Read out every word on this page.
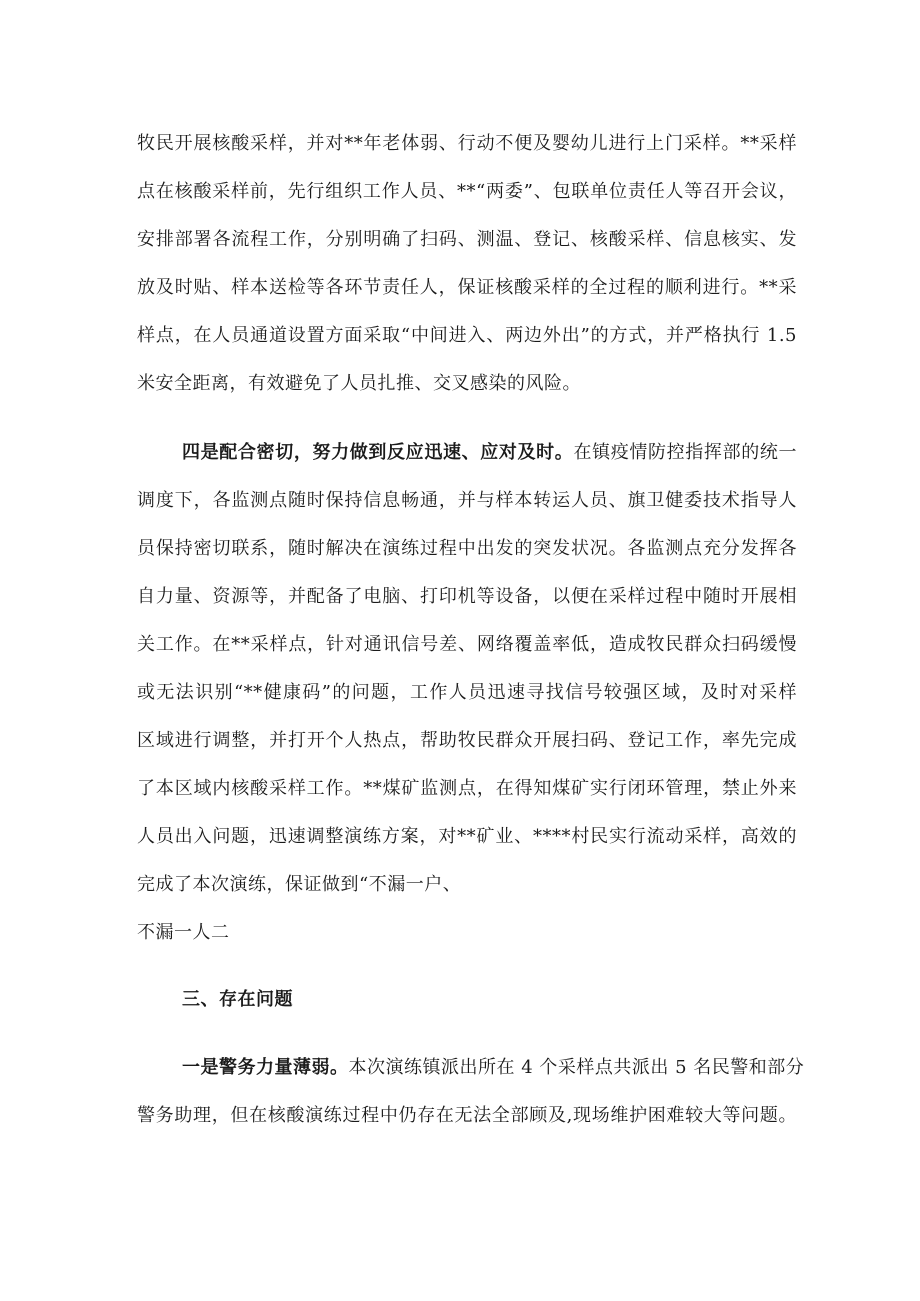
牧民开展核酸采样，并对**年老体弱、行动不便及婴幼儿进行上门采样。**采样
点在核酸采样前，先行组织工作人员、**“两委”、包联单位责任人等召开会议，
安排部署各流程工作，分别明确了扫码、测温、登记、核酸采样、信息核实、发
放及时贴、样本送检等各环节责任人，保证核酸采样的全过程的顺利进行。**采
样点，在人员通道设置方面采取“中间进入、两边外出”的方式，并严格执行 1.5
米安全距离，有效避免了人员扎推、交叉感染的风险。
四是配合密切，努力做到反应迅速、应对及时。在镇疫情防控指挥部的统一
调度下，各监测点随时保持信息畅通，并与样本转运人员、旗卫健委技术指导人
员保持密切联系，随时解决在演练过程中出发的突发状况。各监测点充分发挥各
自力量、资源等，并配备了电脑、打印机等设备，以便在采样过程中随时开展相
关工作。在**采样点，针对通讯信号差、网络覆盖率低，造成牧民群众扫码缓慢
或无法识别“**健康码”的问题，工作人员迅速寻找信号较强区域，及时对采样
区域进行调整，并打开个人热点，帮助牧民群众开展扫码、登记工作，率先完成
了本区域内核酸采样工作。**煤矿监测点，在得知煤矿实行闭环管理，禁止外来
人员出入问题，迅速调整演练方案，对**矿业、****村民实行流动采样，高效的
完成了本次演练，保证做到“不漏一户、
不漏一人二
三、存在问题
一是警务力量薄弱。本次演练镇派出所在 4 个采样点共派出 5 名民警和部分
警务助理，但在核酸演练过程中仍存在无法全部顾及,现场维护困难较大等问题。
